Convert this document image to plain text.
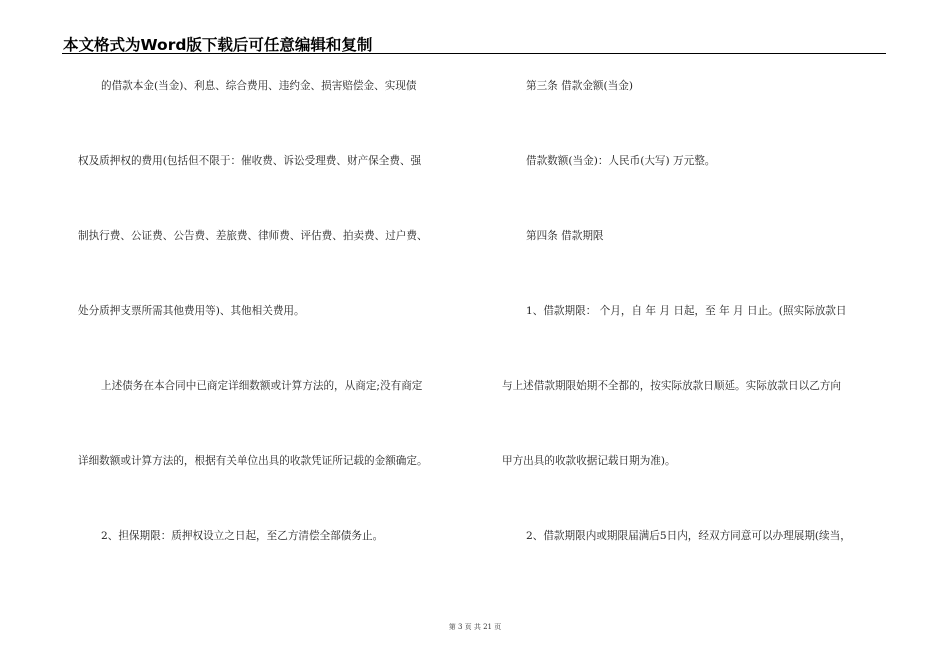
本文格式为Word版下载后可任意编辑和复制
的借款本金(当金)、利息、综合费用、违约金、损害赔偿金、实现债
权及质押权的费用(包括但不限于：催收费、诉讼受理费、财产保全费、强
制执行费、公证费、公告费、差旅费、律师费、评估费、拍卖费、过户费、
处分质押支票所需其他费用等)、其他相关费用。
上述债务在本合同中已商定详细数额或计算方法的，从商定;没有商定
详细数额或计算方法的，根据有关单位出具的收款凭证所记载的金额确定。
2、担保期限：质押权设立之日起，至乙方清偿全部债务止。
第三条 借款金额(当金)
借款数额(当金)：人民币(大写) 万元整。
第四条 借款期限
1、借款期限： 个月，自 年 月 日起，至 年 月 日止。(照实际放款日
与上述借款期限始期不全都的，按实际放款日顺延。实际放款日以乙方向
甲方出具的收款收据记载日期为准)。
2、借款期限内或期限届满后5日内，经双方同意可以办理展期(续当，
第 3 页 共 21 页
